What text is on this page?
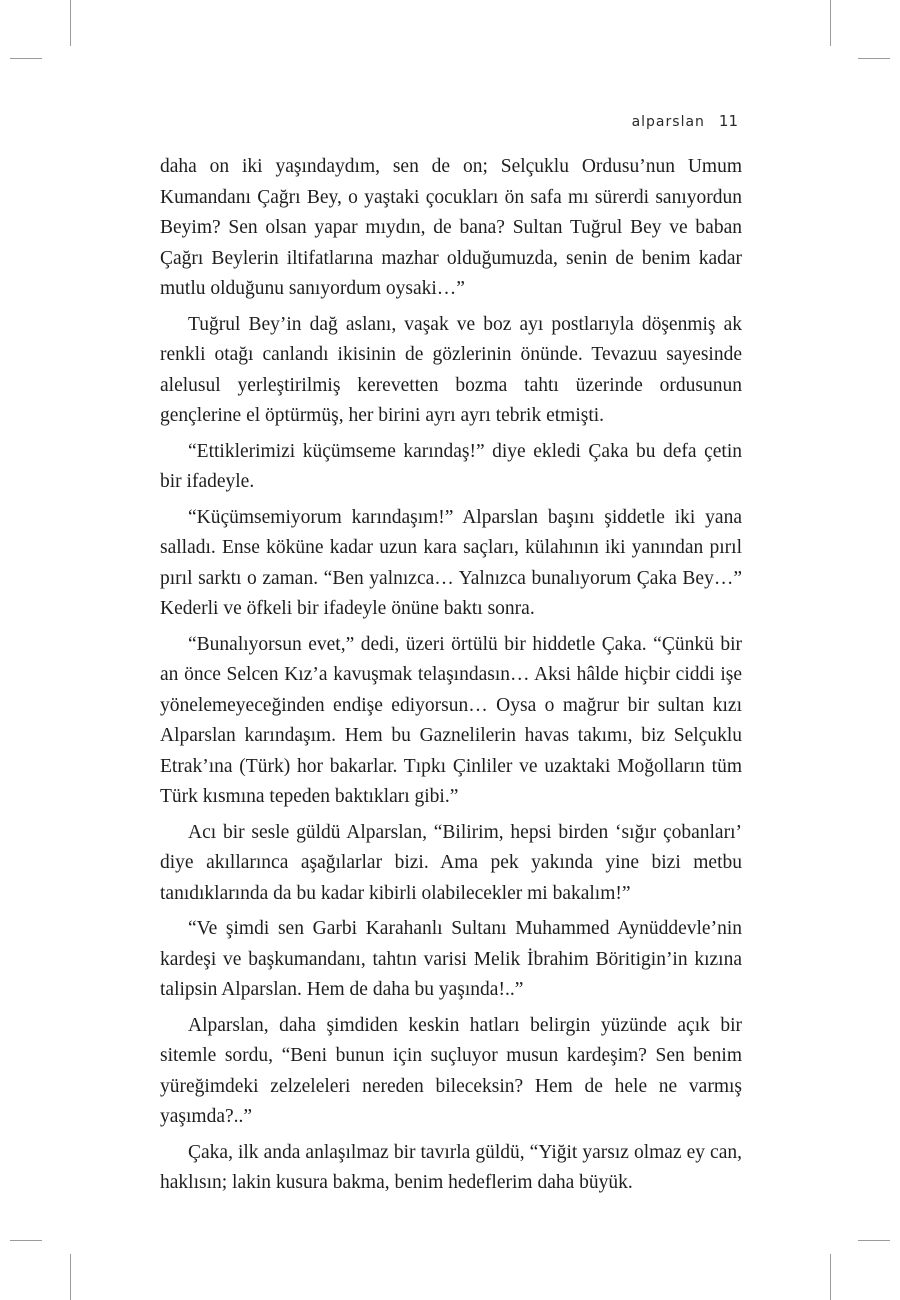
alparslan 11

daha on iki yaşındaydım, sen de on; Selçuklu Ordusu’nun Umum Kumandanı Çağrı Bey, o yaştaki çocukları ön safa mı sürerdi sanıyordun Beyim? Sen olsan yapar mıydın, de bana? Sultan Tuğrul Bey ve baban Çağrı Beylerin iltifatlarına mazhar olduğumuzda, senin de benim kadar mutlu olduğunu sanıyordum oysaki…”

Tuğrul Bey’in dağ aslanı, vaşak ve boz ayı postlarıyla döşenmiş ak renkli otağı canlandı ikisinin de gözlerinin önünde. Tevazuu sayesinde alelusul yerleştirilmiş kerevetten bozma tahtı üzerinde ordusunun gençlerine el öptürmüş, her birini ayrı ayrı tebrik etmişti.

“Ettiklerimizi küçümseme karındaş!” diye ekledi Çaka bu defa çetin bir ifadeyle.

“Küçümsemiyorum karındaşım!” Alparslan başını şiddetle iki yana salladı. Ense köküne kadar uzun kara saçları, külahının iki yanından pırıl pırıl sarktı o zaman. “Ben yalnızca… Yalnızca bunalıyorum Çaka Bey…” Kederli ve öfkeli bir ifadeyle önüne baktı sonra.

“Bunalıyorsun evet,” dedi, üzeri örtülü bir hiddetle Çaka. “Çünkü bir an önce Selcen Kız’a kavuşmak telaşındasın… Aksi hâlde hiçbir ciddi işe yönelemeyeceğinden endişe ediyorsun… Oysa o mağrur bir sultan kızı Alparslan karındaşım. Hem bu Gaznelilerin havas takımı, biz Selçuklu Etrak’ına (Türk) hor bakarlar. Tıpkı Çinliler ve uzaktaki Moğolların tüm Türk kısmına tepeden baktıkları gibi.”

Acı bir sesle güldü Alparslan, “Bilirim, hepsi birden ‘sığır çobanları’ diye akıllarınca aşağılarlar bizi. Ama pek yakında yine bizi metbu tanıdıklarında da bu kadar kibirli olabilecekler mi bakalım!”

“Ve şimdi sen Garbi Karahanlı Sultanı Muhammed Aynüddevle’nin kardeşi ve başkumandanı, tahtın varisi Melik İbrahim Böritigin’in kızına talipsin Alparslan. Hem de daha bu yaşında!..”

Alparslan, daha şimdiden keskin hatları belirgin yüzünde açık bir sitemle sordu, “Beni bunun için suçluyor musun kardeşim? Sen benim yüreğimdeki zelzeleleri nereden bileceksin? Hem de hele ne varmış yaşımda?..”

Çaka, ilk anda anlaşılmaz bir tavırla güldü, “Yiğit yarsız olmaz ey can, haklısın; lakin kusura bakma, benim hedeflerim daha büyük.
